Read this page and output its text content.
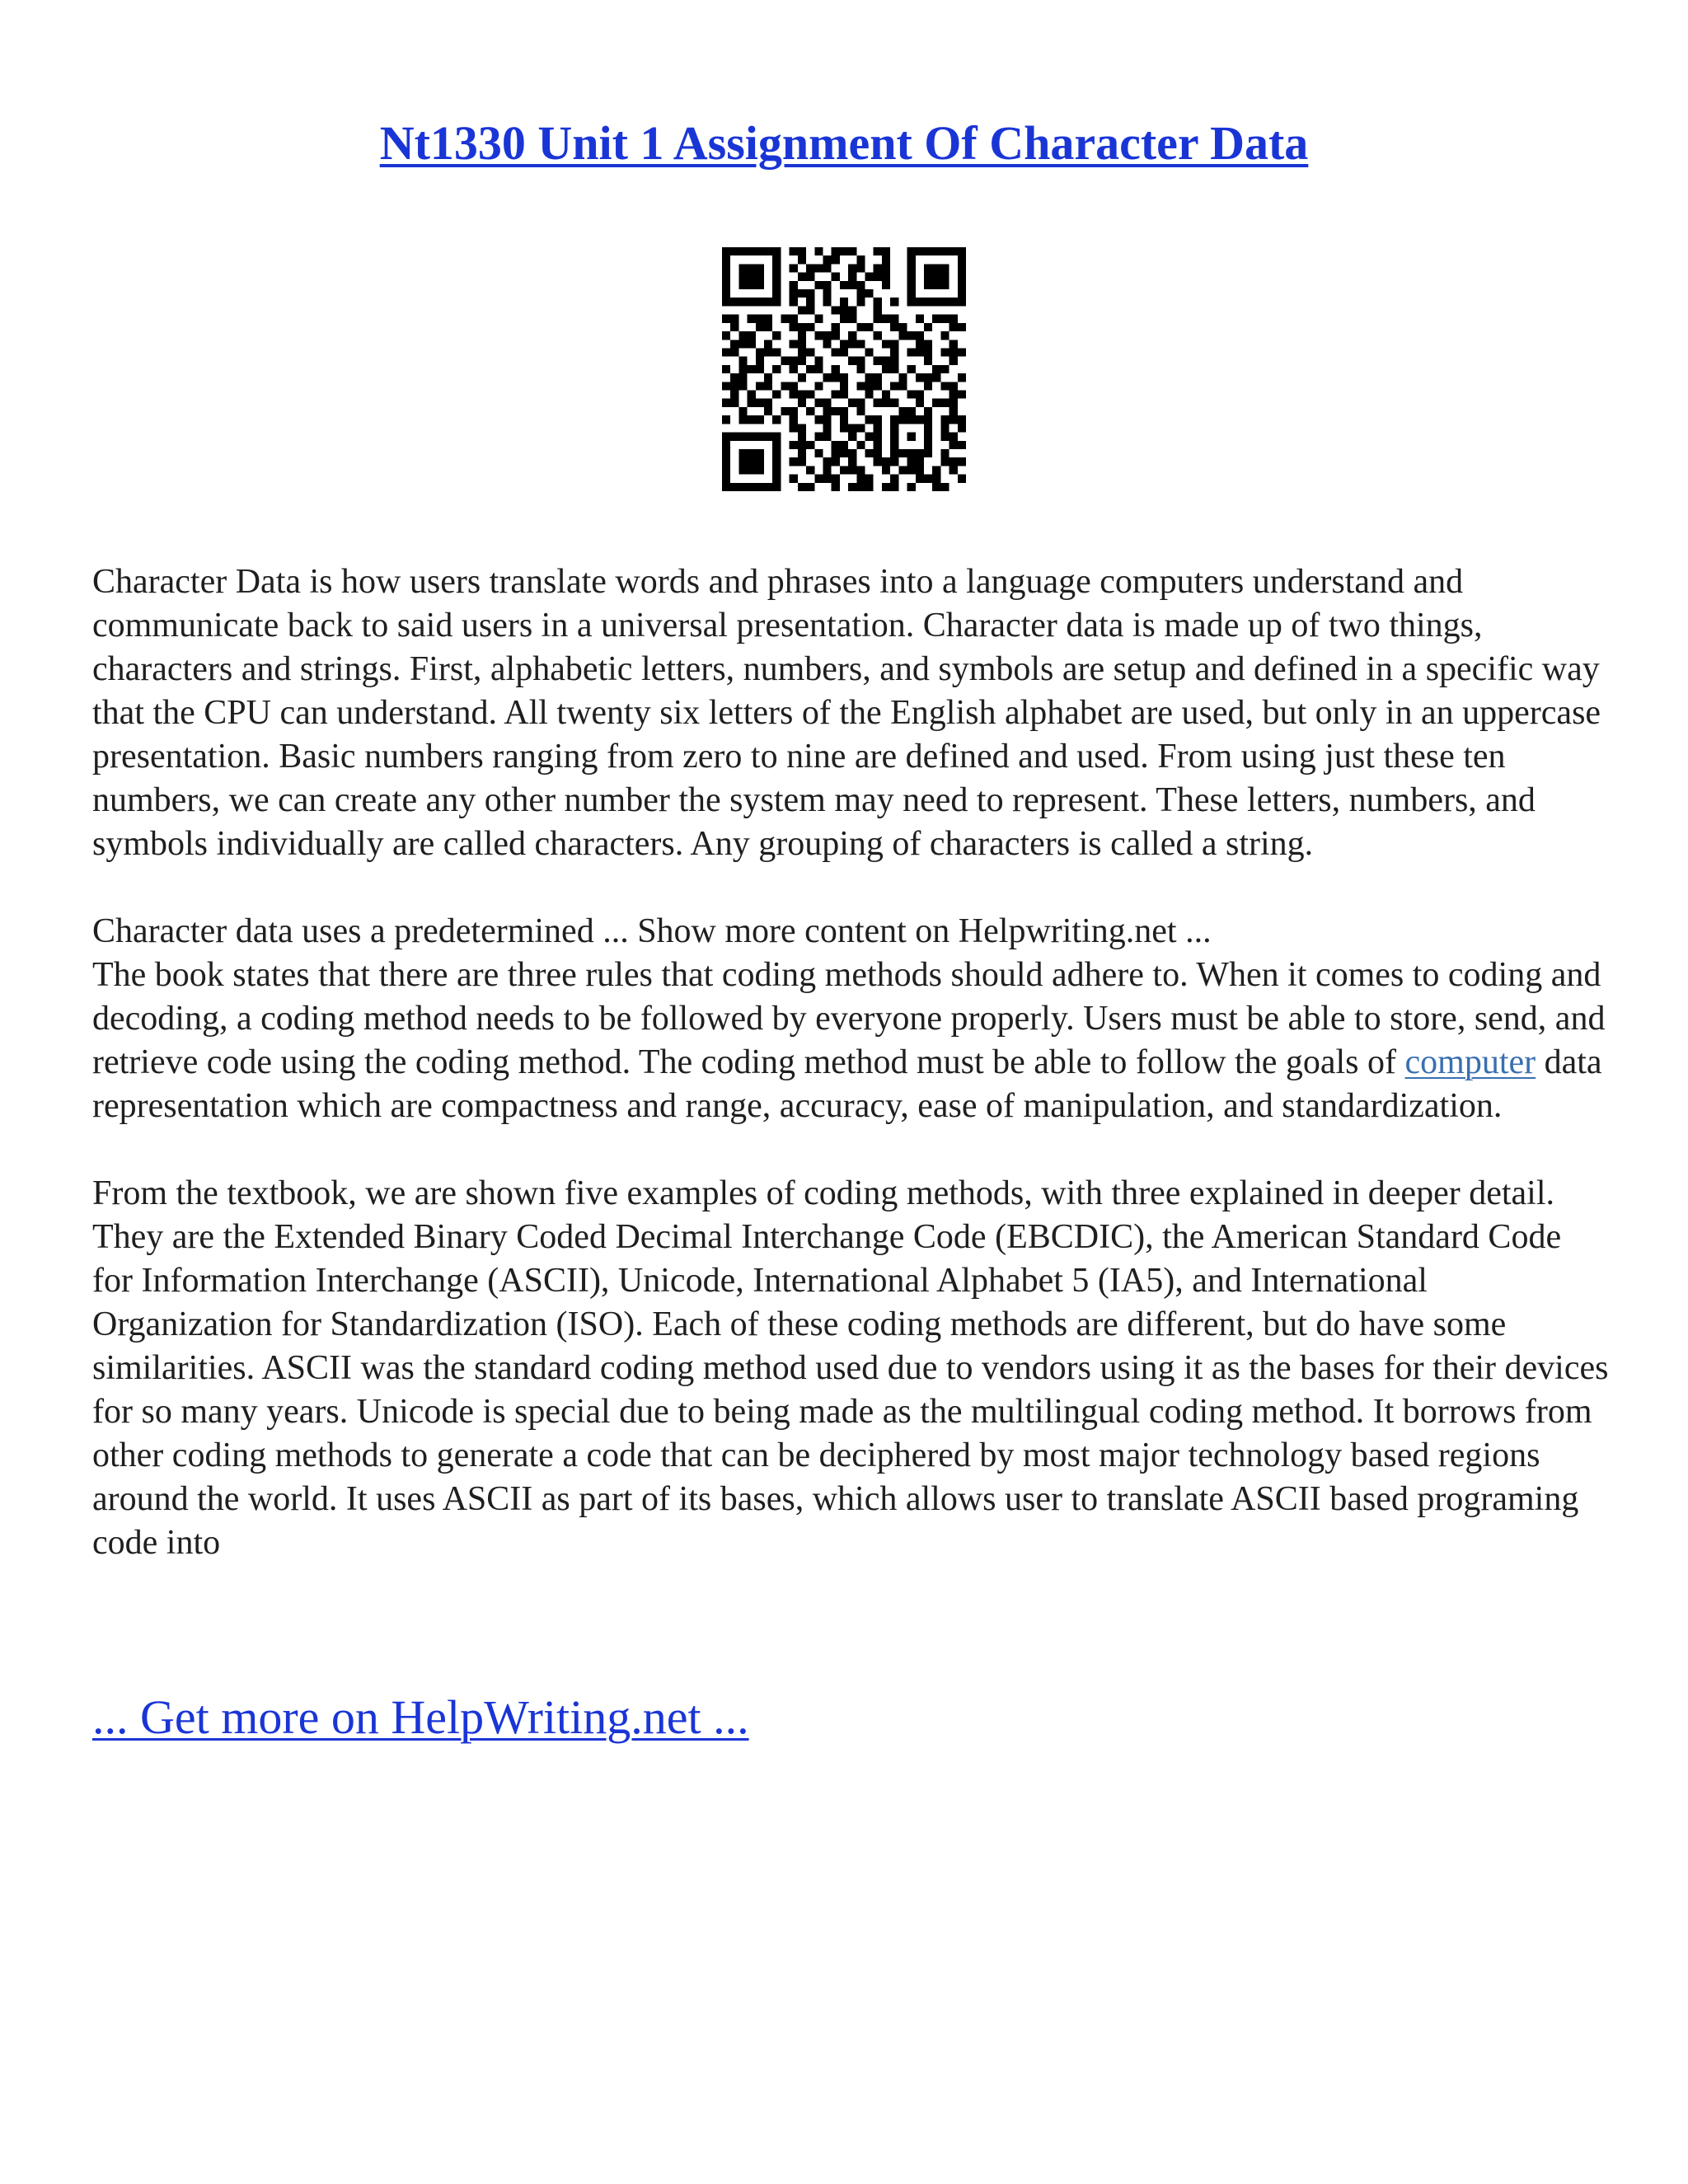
Nt1330 Unit 1 Assignment Of Character Data

Character Data is how users translate words and phrases into a language computers understand and communicate back to said users in a universal presentation. Character data is made up of two things, characters and strings. First, alphabetic letters, numbers, and symbols are setup and defined in a specific way that the CPU can understand. All twenty six letters of the English alphabet are used, but only in an uppercase presentation. Basic numbers ranging from zero to nine are defined and used. From using just these ten numbers, we can create any other number the system may need to represent. These letters, numbers, and symbols individually are called characters. Any grouping of characters is called a string.

Character data uses a predetermined ... Show more content on Helpwriting.net ...

The book states that there are three rules that coding methods should adhere to. When it comes to coding and decoding, a coding method needs to be followed by everyone properly. Users must be able to store, send, and retrieve code using the coding method. The coding method must be able to follow the goals of computer data representation which are compactness and range, accuracy, ease of manipulation, and standardization.

From the textbook, we are shown five examples of coding methods, with three explained in deeper detail. They are the Extended Binary Coded Decimal Interchange Code (EBCDIC), the American Standard Code for Information Interchange (ASCII), Unicode, International Alphabet 5 (IA5), and International Organization for Standardization (ISO). Each of these coding methods are different, but do have some similarities. ASCII was the standard coding method used due to vendors using it as the bases for their devices for so many years. Unicode is special due to being made as the multilingual coding method. It borrows from other coding methods to generate a code that can be deciphered by most major technology based regions around the world. It uses ASCII as part of its bases, which allows user to translate ASCII based programing code into

... Get more on HelpWriting.net ...
